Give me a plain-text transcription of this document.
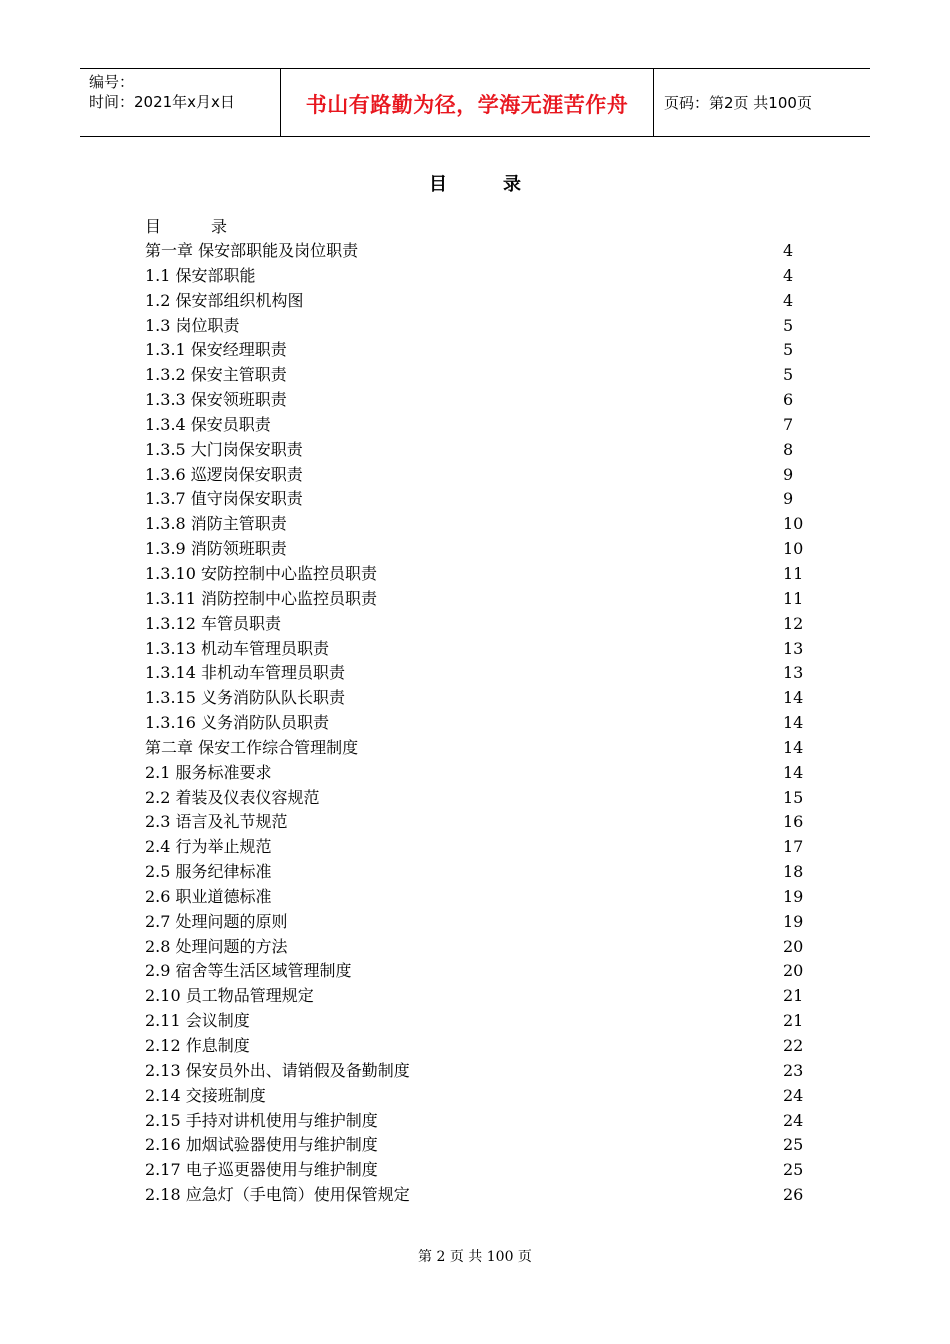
编号：
时间：2021年x月x日	书山有路勤为径，学海无涯苦作舟 页码：第2页 共100页
目	录
目	录
第一章 保安部职能及岗位职责	4
1.1 保安部职能	4
1.2 保安部组织机构图	4
1.3 岗位职责	5
1.3.1 保安经理职责	5
1.3.2 保安主管职责	5
1.3.3 保安领班职责	6
1.3.4 保安员职责	7
1.3.5 大门岗保安职责	8
1.3.6 巡逻岗保安职责	9
1.3.7 值守岗保安职责	9
1.3.8 消防主管职责	10
1.3.9 消防领班职责	10
1.3.10 安防控制中心监控员职责	11
1.3.11 消防控制中心监控员职责	11
1.3.12 车管员职责	12
1.3.13 机动车管理员职责	13
1.3.14 非机动车管理员职责	13
1.3.15 义务消防队队长职责	14
1.3.16 义务消防队员职责	14
第二章 保安工作综合管理制度	14
2.1 服务标准要求	14
2.2 着装及仪表仪容规范	15
2.3 语言及礼节规范	16
2.4 行为举止规范	17
2.5 服务纪律标准	18
2.6 职业道德标准	19
2.7 处理问题的原则	19
2.8 处理问题的方法	20
2.9 宿舍等生活区域管理制度	20
2.10 员工物品管理规定	21
2.11 会议制度	21
2.12 作息制度	22
2.13 保安员外出、请销假及备勤制度	23
2.14 交接班制度	24
2.15 手持对讲机使用与维护制度	24
2.16 加烟试验器使用与维护制度	25
2.17 电子巡更器使用与维护制度	25
2.18 应急灯（手电筒）使用保管规定	26
第 2 页 共 100 页
